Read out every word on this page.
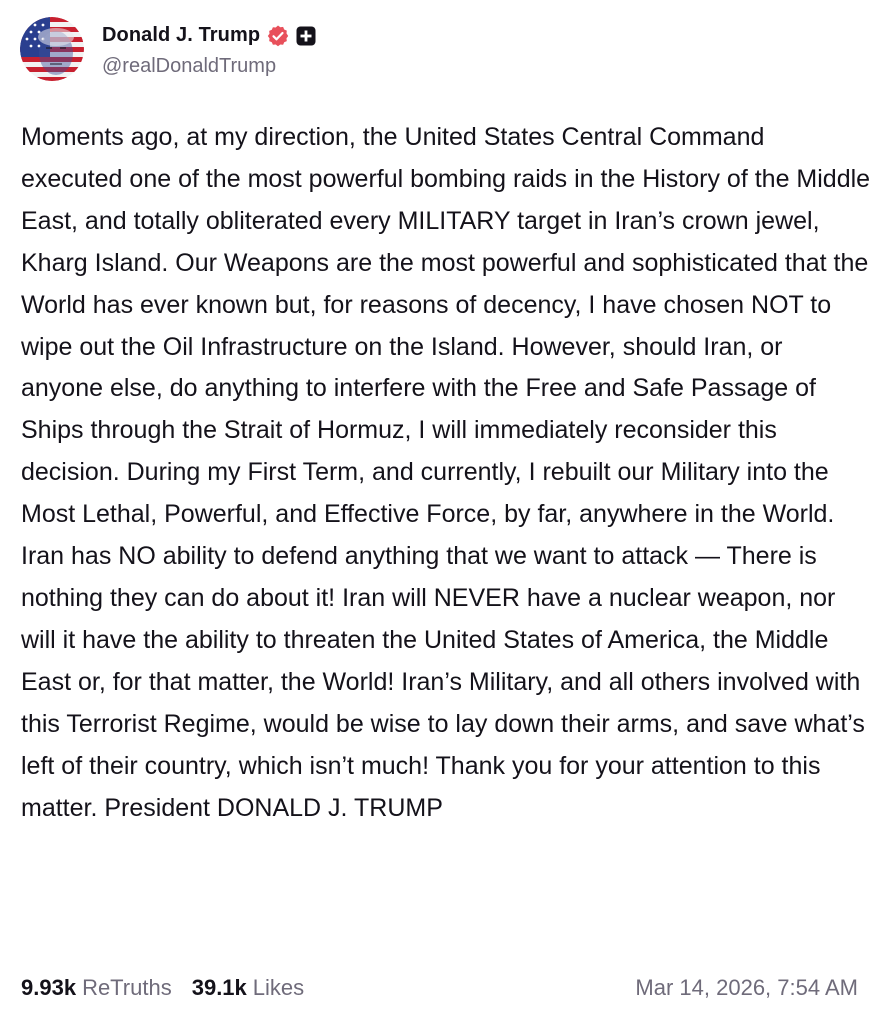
Donald J. Trump
@realDonaldTrump

Moments ago, at my direction, the United States Central Command executed one of the most powerful bombing raids in the History of the Middle East, and totally obliterated every MILITARY target in Iran’s crown jewel, Kharg Island. Our Weapons are the most powerful and sophisticated that the World has ever known but, for reasons of decency, I have chosen NOT to wipe out the Oil Infrastructure on the Island. However, should Iran, or anyone else, do anything to interfere with the Free and Safe Passage of Ships through the Strait of Hormuz, I will immediately reconsider this decision. During my First Term, and currently, I rebuilt our Military into the Most Lethal, Powerful, and Effective Force, by far, anywhere in the World. Iran has NO ability to defend anything that we want to attack — There is nothing they can do about it! Iran will NEVER have a nuclear weapon, nor will it have the ability to threaten the United States of America, the Middle East or, for that matter, the World! Iran’s Military, and all others involved with this Terrorist Regime, would be wise to lay down their arms, and save what’s left of their country, which isn’t much! Thank you for your attention to this matter. President DONALD J. TRUMP

9.93k ReTruths 39.1k Likes	Mar 14, 2026, 7:54 AM
